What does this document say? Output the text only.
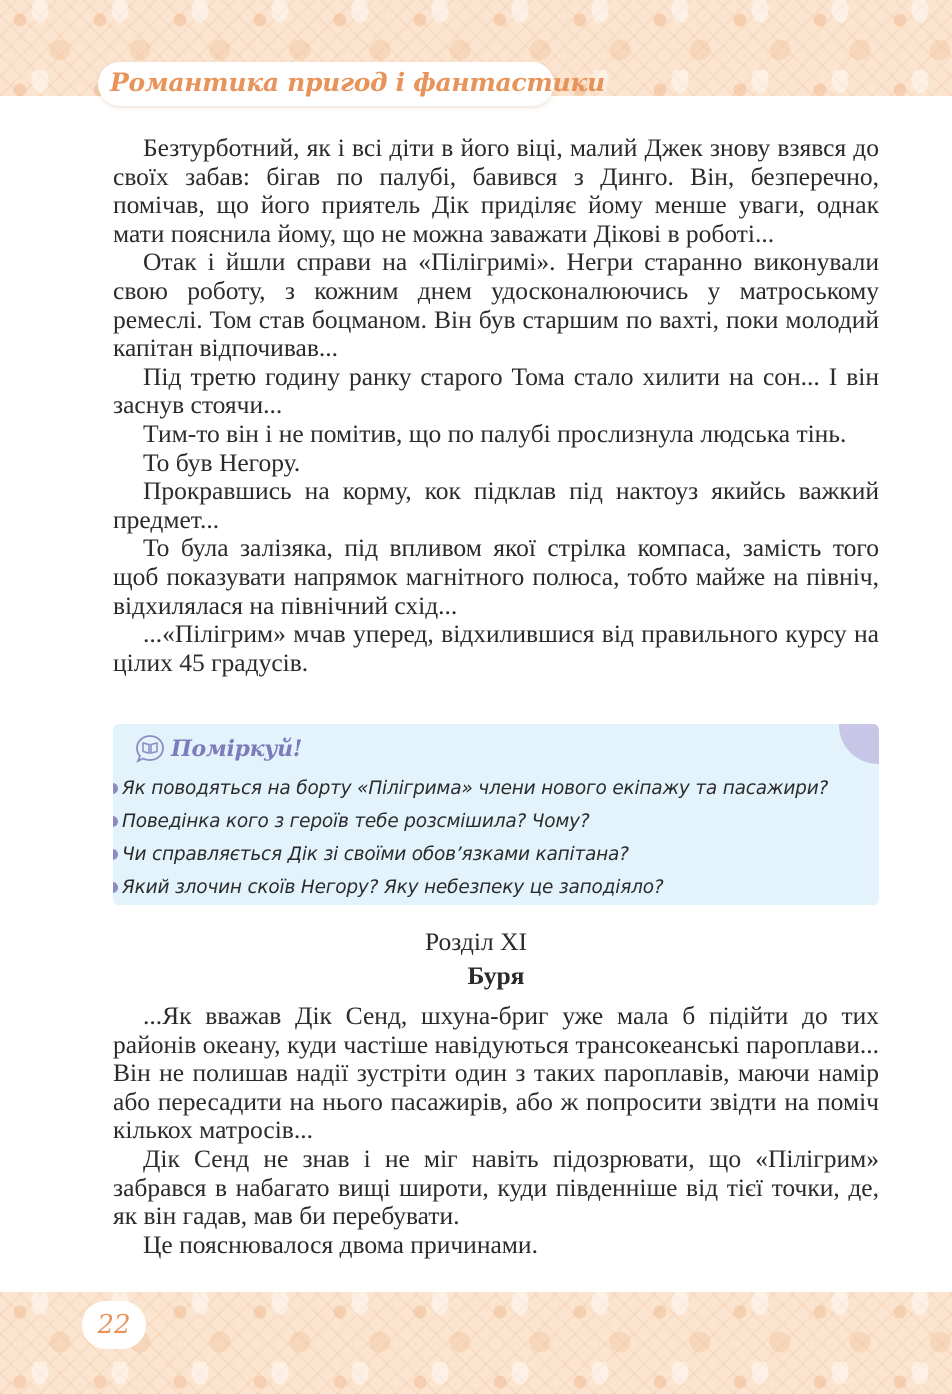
Романтика пригод і фантастики

Безтурботний, як і всі діти в його віці, малий Джек знову взявся до своїх забав: бігав по палубі, бавився з Динго. Він, безперечно, помічав, що його приятель Дік приділяє йому менше уваги, однак мати пояснила йому, що не можна заважати Дікові в роботі...

Отак і йшли справи на «Пілігримі». Негри старанно виконували свою роботу, з кожним днем удосконалюючись у матроському ремеслі. Том став боцманом. Він був старшим по вахті, поки молодий капітан відпочивав...

Під третю годину ранку старого Тома стало хилити на сон... І він заснув стоячи...

Тим-то він і не помітив, що по палубі прослизнула людська тінь.

То був Негору.

Прокравшись на корму, кок підклав під нактоуз якийсь важкий предмет...

То була залізяка, під впливом якої стрілка компаса, замість того щоб показувати напрямок магнітного полюса, тобто майже на північ, відхилялася на північний схід...

...«Пілігрим» мчав уперед, відхилившися від правильного курсу на цілих 45 градусів.

Поміркуй!
Як поводяться на борту «Пілігрима» члени нового екіпажу та пасажири?
Поведінка кого з героїв тебе розсмішила? Чому?
Чи справляється Дік зі своїми обов’язками капітана?
Який злочин скоїв Негору? Яку небезпеку це заподіяло?
Розділ XI
Буря

...Як вважав Дік Сенд, шхуна-бриг уже мала б підійти до тих районів океану, куди частіше навідуються трансокеанські пароплави... Він не полишав надії зустріти один з таких пароплавів, маючи намір або пересадити на нього пасажирів, або ж попросити звідти на поміч кількох матросів...

Дік Сенд не знав і не міг навіть підозрювати, що «Пілігрим» забрався в набагато вищі широти, куди південніше від тієї точки, де, як він гадав, мав би перебувати.

Це пояснювалося двома причинами.

22
